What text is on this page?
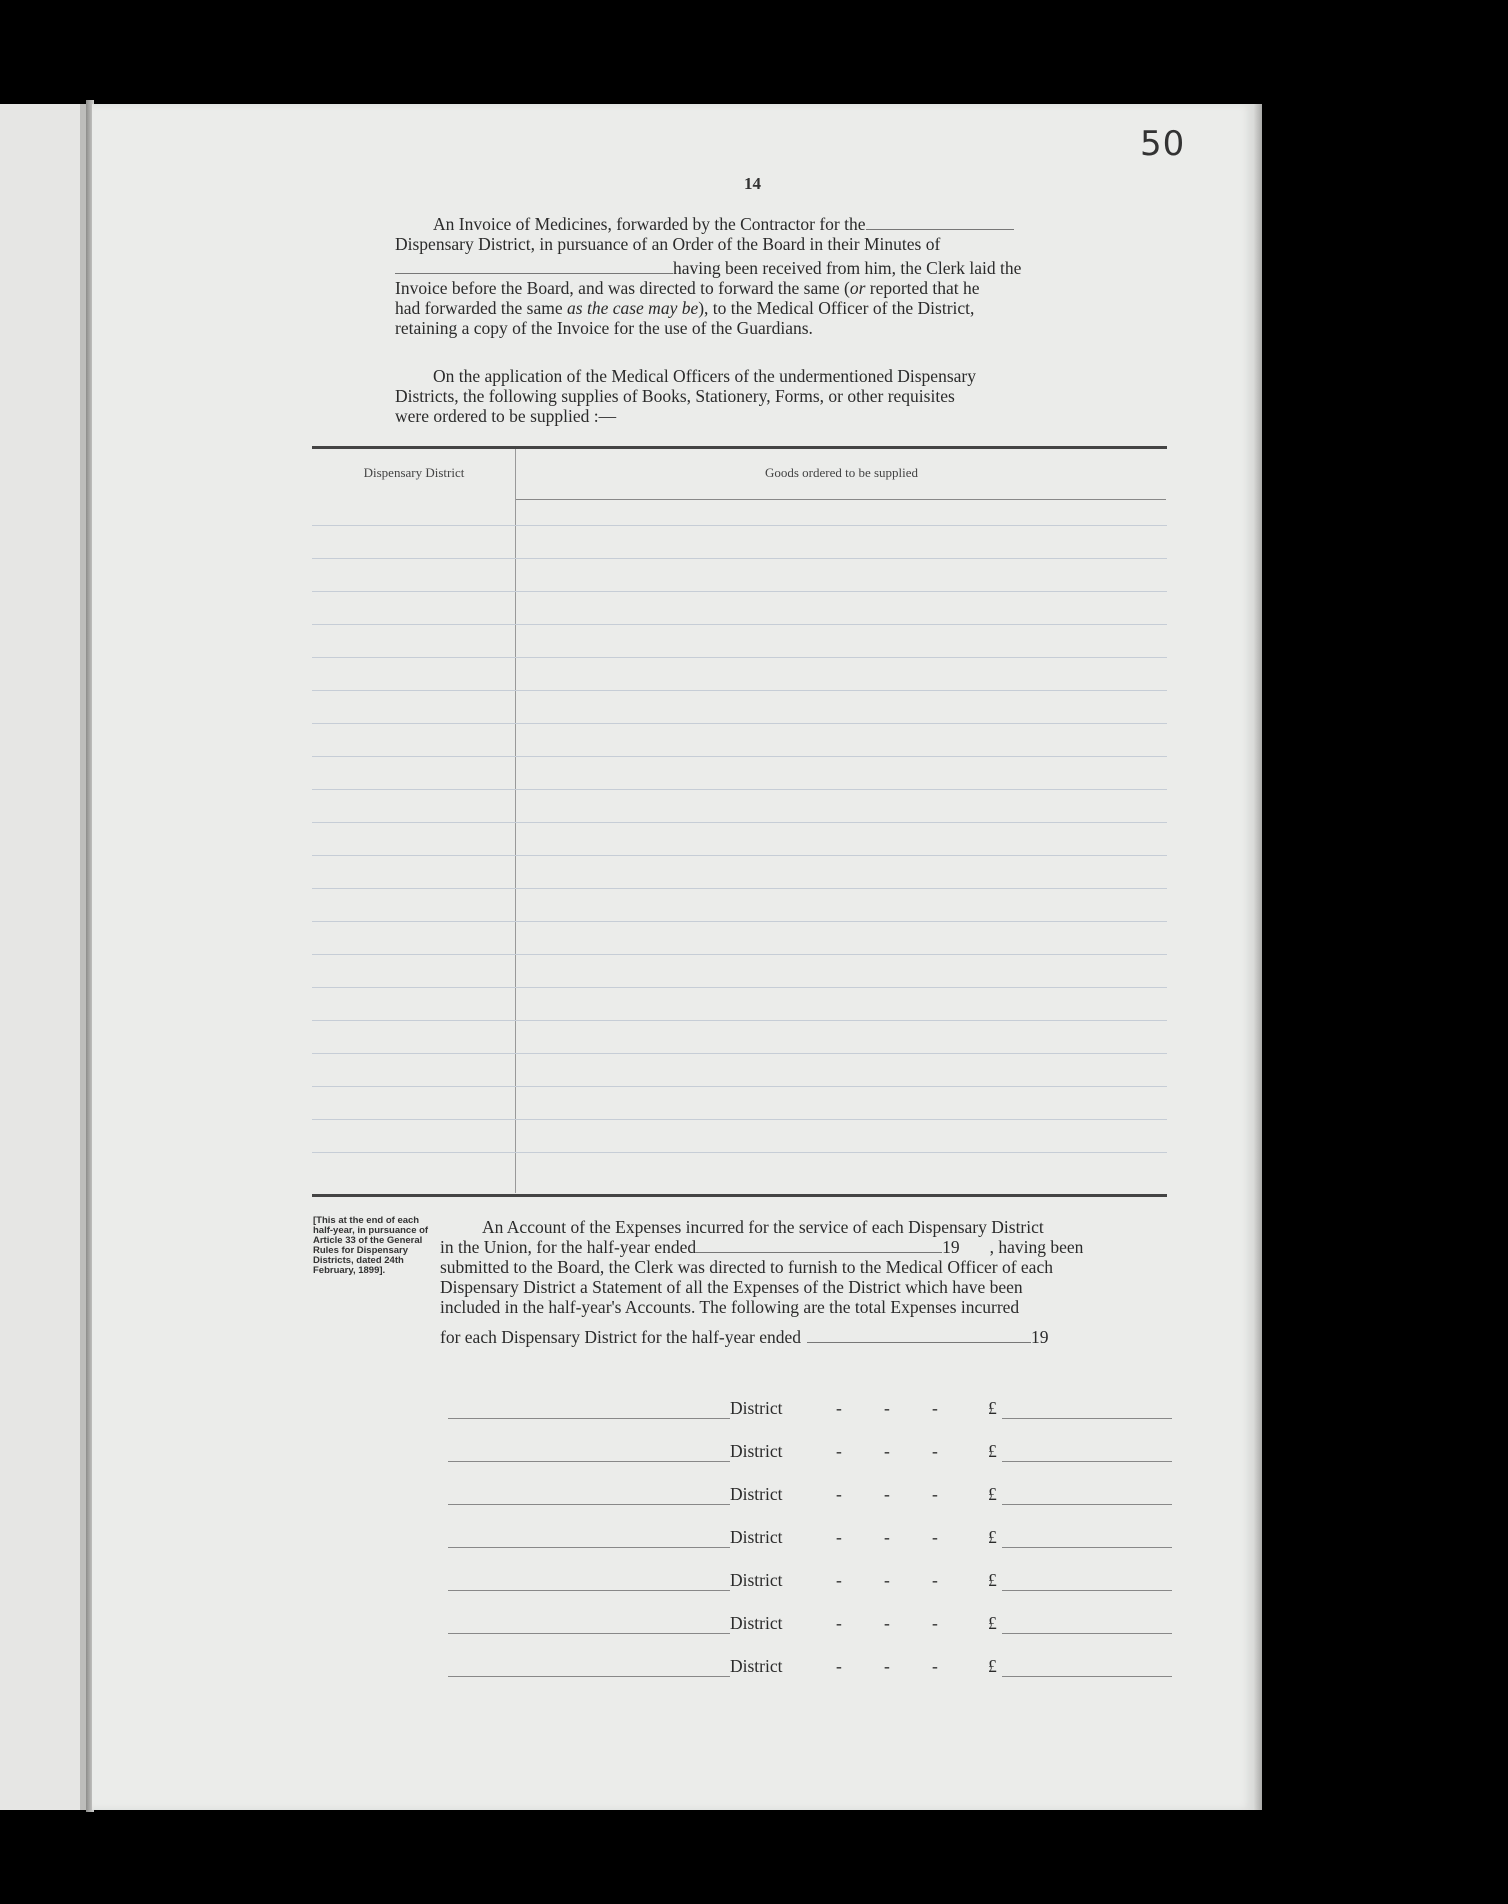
50
14

An Invoice of Medicines, forwarded by the Contractor for the

Dispensary District, in pursuance of an Order of the Board in their Minutes of

having been received from him, the Clerk laid the

Invoice before the Board, and was directed to forward the same (or reported that he

had forwarded the same as the case may be), to the Medical Officer of the District,

retaining a copy of the Invoice for the use of the Guardians.

On the application of the Medical Officers of the undermentioned Dispensary

Districts, the following supplies of Books, Stationery, Forms, or other requisites

were ordered to be supplied :—

Dispensary District	Goods ordered to be supplied
[This at the end of each half-year, in pursuance of Article 33 of the General Rules for Dispensary Districts, dated 24th February, 1899].

An Account of the Expenses incurred for the service of each Dispensary District

in the Union, for the half-year ended	19 , having been

submitted to the Board, the Clerk was directed to furnish to the Medical Officer of each

Dispensary District a Statement of all the Expenses of the District which have been

included in the half-year's Accounts. The following are the total Expenses incurred

for each Dispensary District for the half-year ended	19

District	- - -	£
District	- - -	£
District	- - -	£
District	- - -	£
District	- - -	£
District	- - -	£
District	- - -	£
